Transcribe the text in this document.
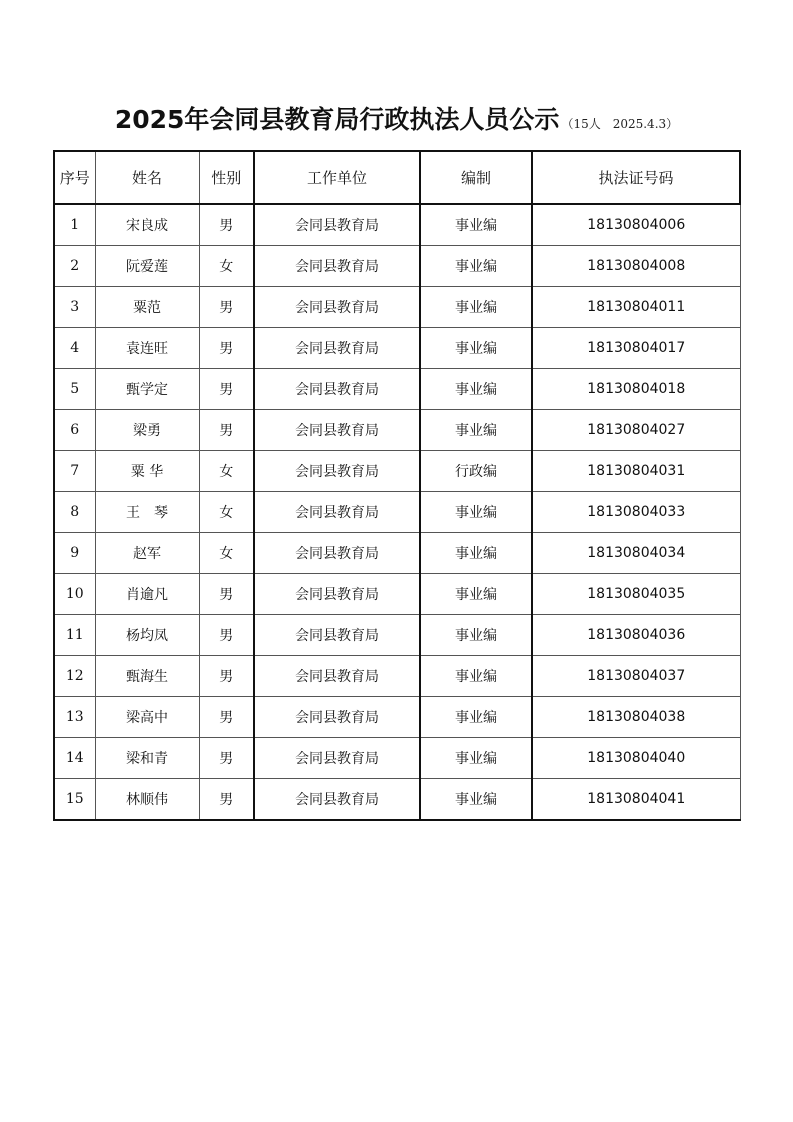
2025年会同县教育局行政执法人员公示 （15人　2025.4.3）
序号	姓名	性别	工作单位	编制	执法证号码
1	宋良成	男	会同县教育局	事业编	18130804006
2	阮爱莲	女	会同县教育局	事业编	18130804008
3	粟范	男	会同县教育局	事业编	18130804011
4	袁连旺	男	会同县教育局	事业编	18130804017
5	甄学定	男	会同县教育局	事业编	18130804018
6	梁勇	男	会同县教育局	事业编	18130804027
7	粟 华	女	会同县教育局	行政编	18130804031
8	王　琴	女	会同县教育局	事业编	18130804033
9	赵军	女	会同县教育局	事业编	18130804034
10	肖逾凡	男	会同县教育局	事业编	18130804035
11	杨均凤	男	会同县教育局	事业编	18130804036
12	甄海生	男	会同县教育局	事业编	18130804037
13	梁高中	男	会同县教育局	事业编	18130804038
14	梁和青	男	会同县教育局	事业编	18130804040
15	林顺伟	男	会同县教育局	事业编	18130804041
